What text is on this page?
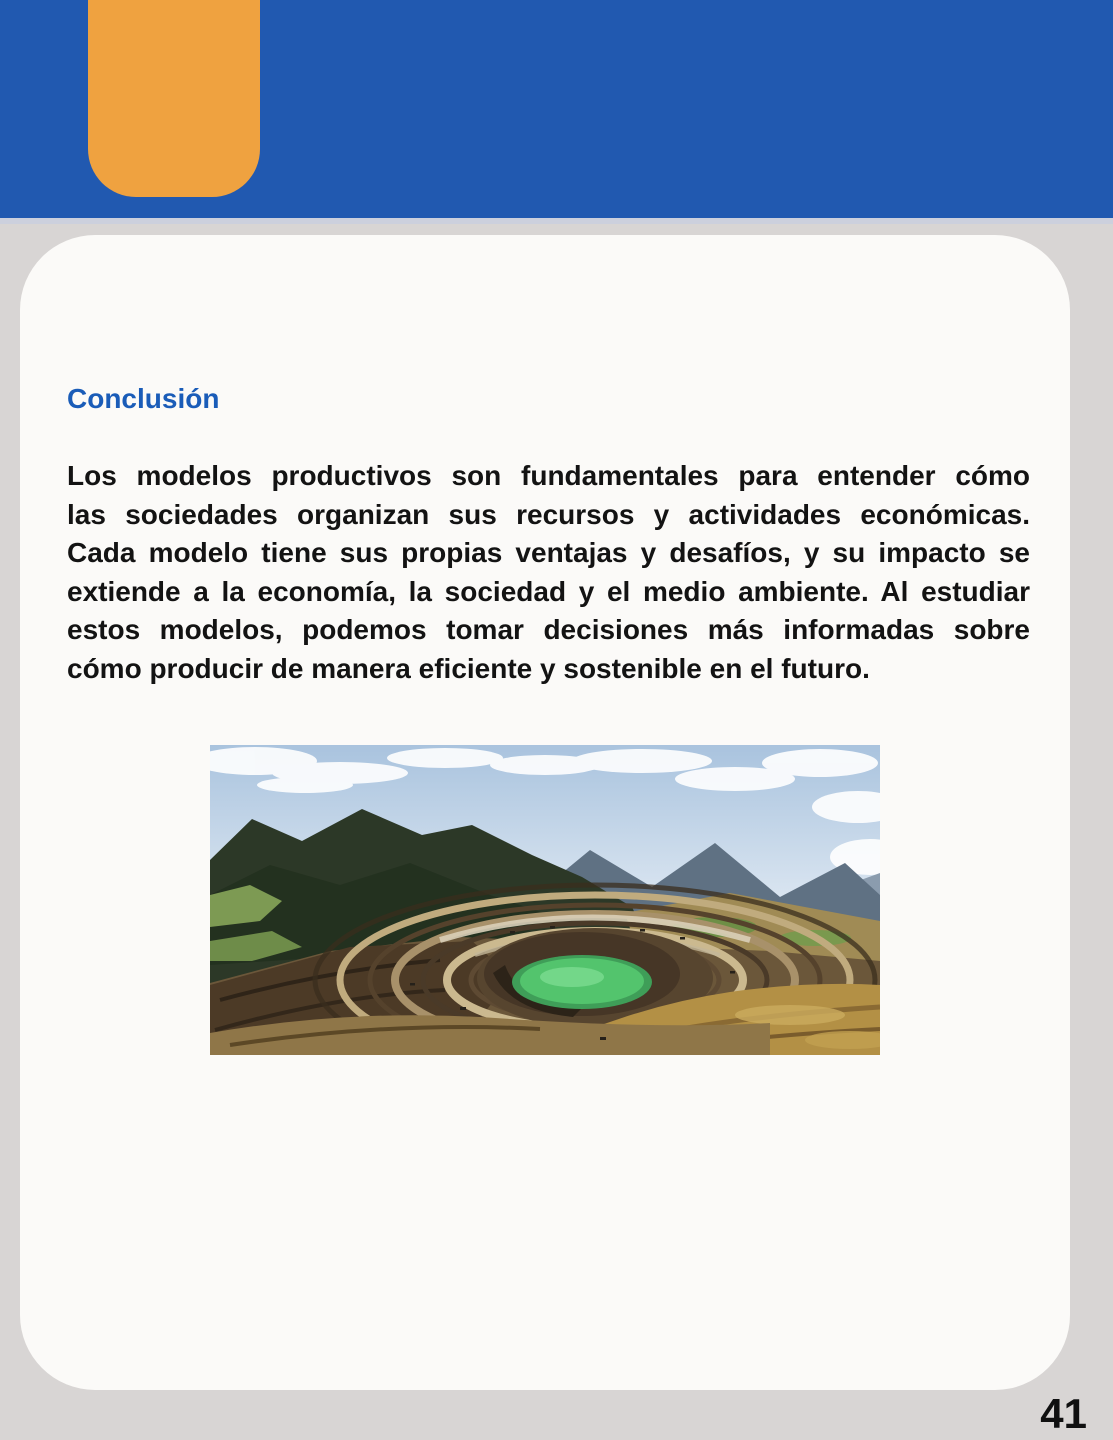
Conclusión
Los modelos productivos son fundamentales para entender cómo
las sociedades organizan sus recursos y actividades económicas.
Cada modelo tiene sus propias ventajas y desafíos, y su impacto se
extiende a la economía, la sociedad y el medio ambiente. Al estudiar
estos modelos, podemos tomar decisiones más informadas sobre
cómo producir de manera eficiente y sostenible en el futuro.
41
